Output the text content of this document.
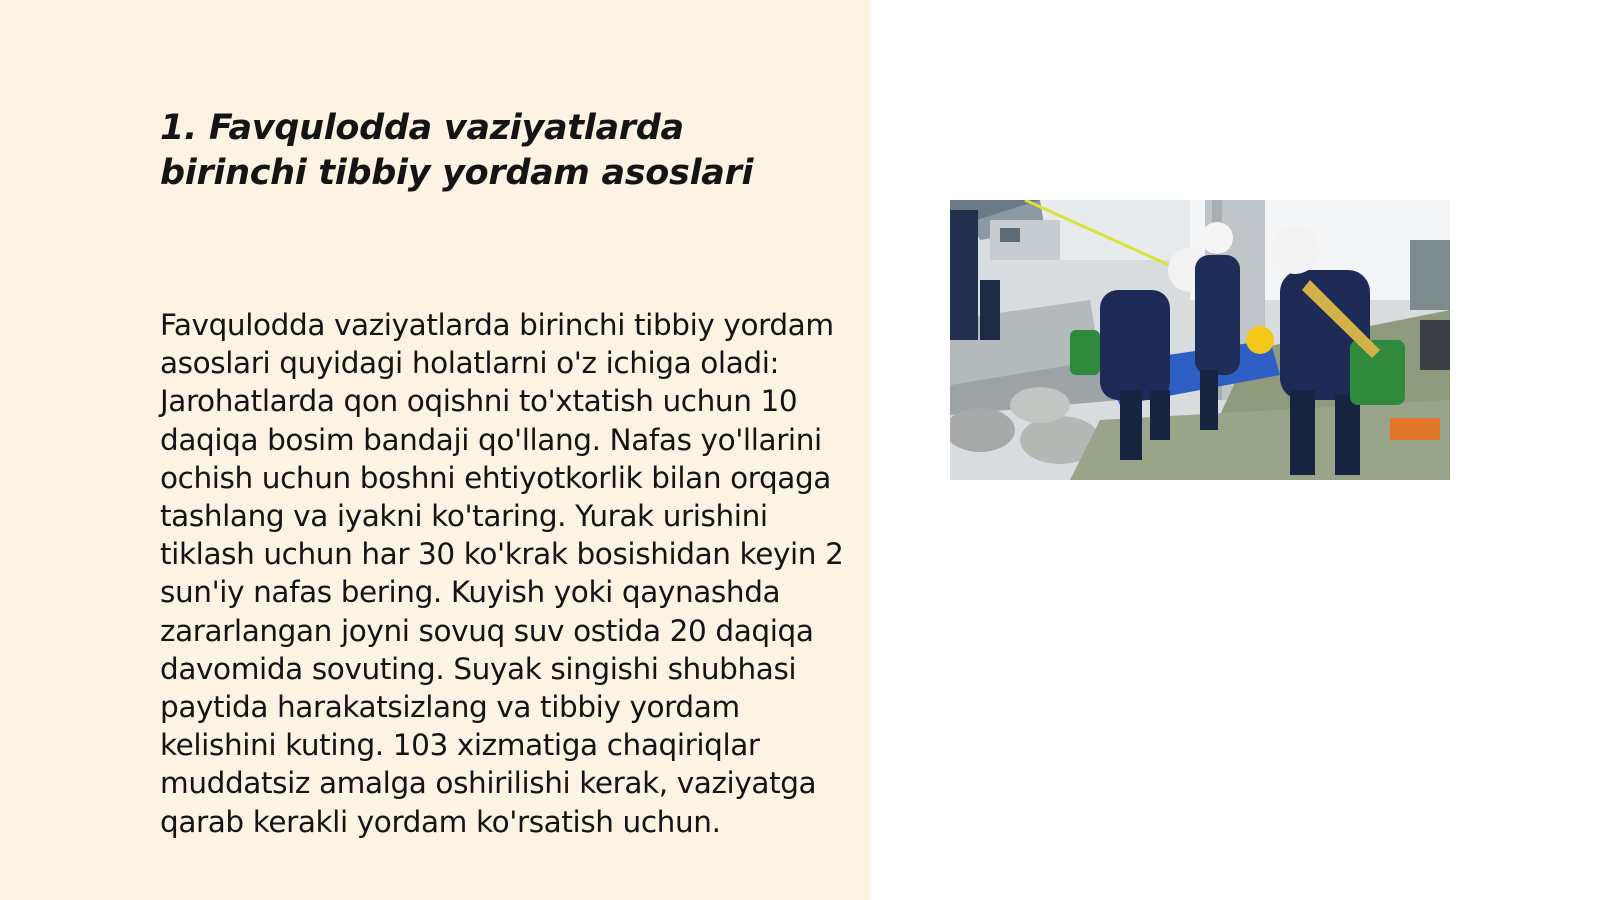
1. Favqulodda vaziyatlarda birinchi tibbiy yordam asoslari

Favqulodda vaziyatlarda birinchi tibbiy yordam asoslari quyidagi holatlarni o'z ichiga oladi: Jarohatlarda qon oqishni to'xtatish uchun 10 daqiqa bosim bandaji qo'llang. Nafas yo'llarini ochish uchun boshni ehtiyotkorlik bilan orqaga tashlang va iyakni ko'taring. Yurak urishini tiklash uchun har 30 ko'krak bosishidan keyin 2 sun'iy nafas bering. Kuyish yoki qaynashda zararlangan joyni sovuq suv ostida 20 daqiqa davomida sovuting. Suyak singishi shubhasi paytida harakatsizlang va tibbiy yordam kelishini kuting. 103 xizmatiga chaqiriqlar muddatsiz amalga oshirilishi kerak, vaziyatga qarab kerakli yordam ko'rsatish uchun.
